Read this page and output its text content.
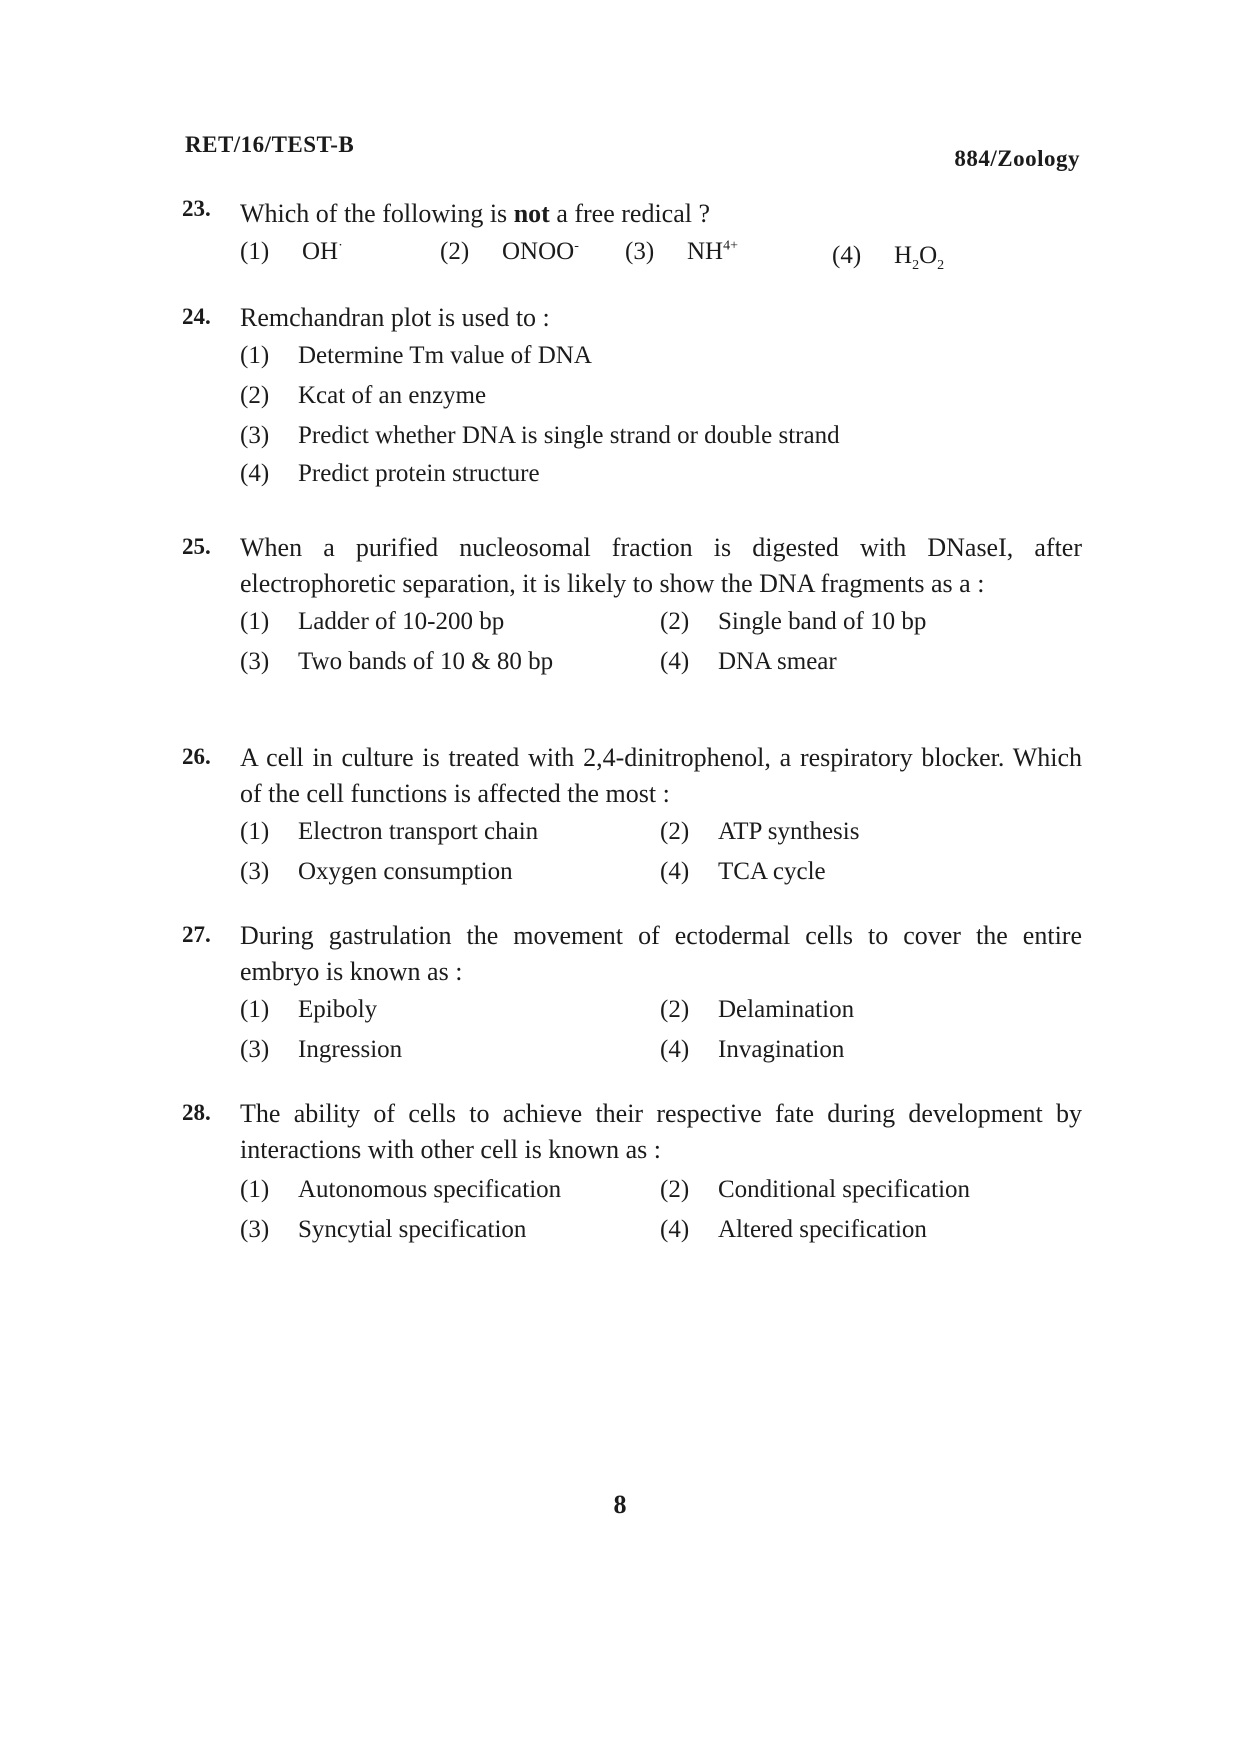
RET/16/TEST-B
884/Zoology
23. Which of the following is not a free redical ?
(1) OH·	(2) ONOO- (3) $NH^{4+}$	(4) $H_2O_2$
24. Remchandran plot is used to :
(1) Determine Tm value of DNA
(2) Kcat of an enzyme
(3) Predict whether DNA is single strand or double strand
(4) Predict protein structure
25. When a purified nucleosomal fraction is digested with DNaseI, after electrophoretic separation, it is likely to show the DNA fragments as a :
(1) Ladder of 10-200 bp	(2) Single band of 10 bp
(3) Two bands of 10 & 80 bp	(4) DNA smear
26. A cell in culture is treated with 2,4-dinitrophenol, a respiratory blocker. Which of the cell functions is affected the most :
(1) Electron transport chain	(2) ATP synthesis
(3) Oxygen consumption	(4) TCA cycle
27. During gastrulation the movement of ectodermal cells to cover the entire embryo is known as :
(1) Epiboly	(2) Delamination
(3) Ingression	(4) Invagination
28. The ability of cells to achieve their respective fate during development by interactions with other cell is known as :
(1) Autonomous specification	(2) Conditional specification
(3) Syncytial specification	(4) Altered specification
8
